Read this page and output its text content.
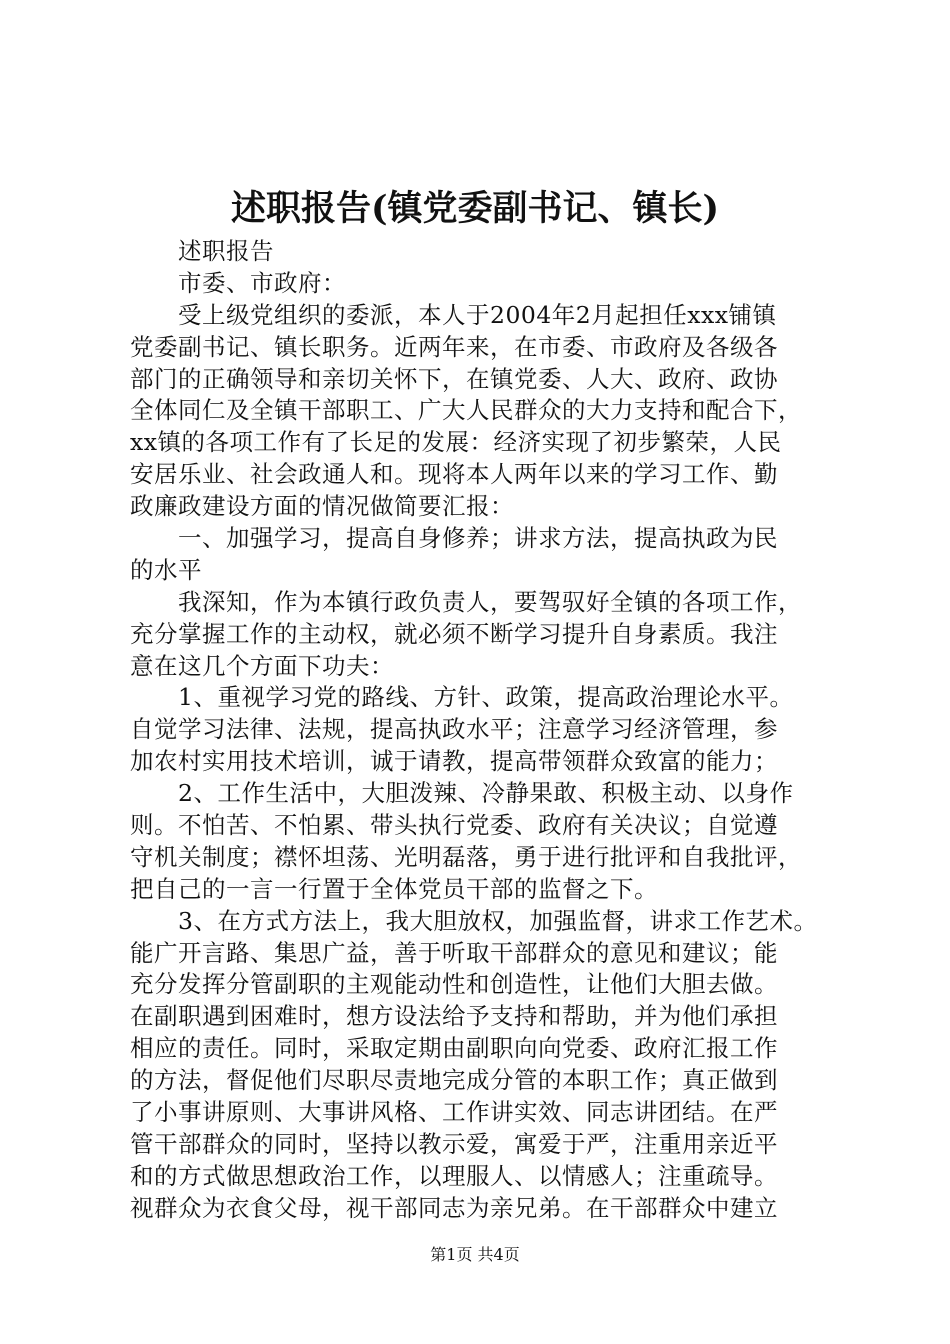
述职报告(镇党委副书记、镇长)
述职报告
市委、市政府：
受上级党组织的委派，本人于2004年2月起担任xxx铺镇
党委副书记、镇长职务。近两年来，在市委、市政府及各级各
部门的正确领导和亲切关怀下，在镇党委、人大、政府、政协
全体同仁及全镇干部职工、广大人民群众的大力支持和配合下，
xx镇的各项工作有了长足的发展：经济实现了初步繁荣，人民
安居乐业、社会政通人和。现将本人两年以来的学习工作、勤
政廉政建设方面的情况做简要汇报：
一、加强学习，提高自身修养；讲求方法，提高执政为民
的水平
我深知，作为本镇行政负责人，要驾驭好全镇的各项工作，
充分掌握工作的主动权，就必须不断学习提升自身素质。我注
意在这几个方面下功夫：
1、重视学习党的路线、方针、政策，提高政治理论水平。
自觉学习法律、法规，提高执政水平；注意学习经济管理，参
加农村实用技术培训，诚于请教，提高带领群众致富的能力；
2、工作生活中，大胆泼辣、冷静果敢、积极主动、以身作
则。不怕苦、不怕累、带头执行党委、政府有关决议；自觉遵
守机关制度；襟怀坦荡、光明磊落，勇于进行批评和自我批评，
把自己的一言一行置于全体党员干部的监督之下。
3、在方式方法上，我大胆放权，加强监督，讲求工作艺术。
能广开言路、集思广益，善于听取干部群众的意见和建议；能
充分发挥分管副职的主观能动性和创造性，让他们大胆去做。
在副职遇到困难时，想方设法给予支持和帮助，并为他们承担
相应的责任。同时，采取定期由副职向向党委、政府汇报工作
的方法，督促他们尽职尽责地完成分管的本职工作；真正做到
了小事讲原则、大事讲风格、工作讲实效、同志讲团结。在严
管干部群众的同时，坚持以教示爱，寓爱于严，注重用亲近平
和的方式做思想政治工作，以理服人、以情感人；注重疏导。
视群众为衣食父母，视干部同志为亲兄弟。在干部群众中建立
第1页 共4页
